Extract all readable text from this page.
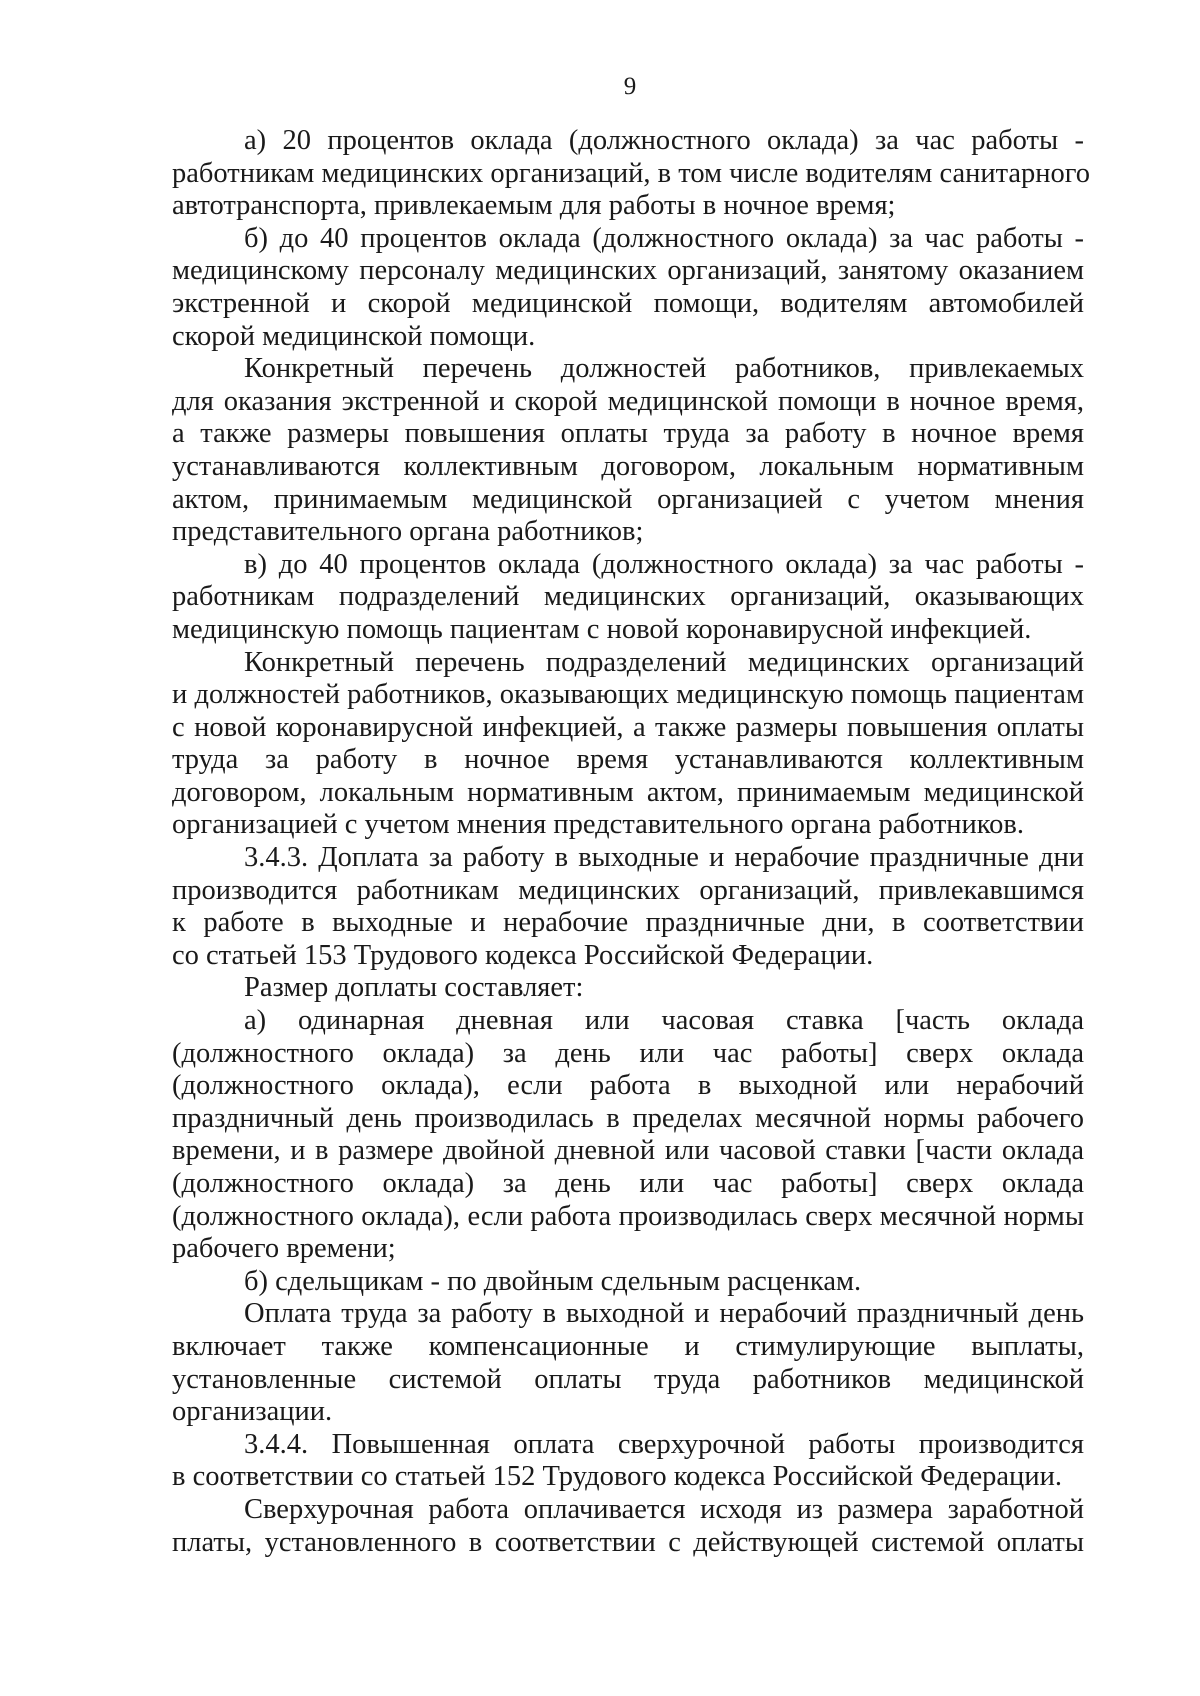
9
а) 20 процентов оклада (должностного оклада) за час работы -
работникам медицинских организаций, в том числе водителям санитарного
автотранспорта, привлекаемым для работы в ночное время;
б) до 40 процентов оклада (должностного оклада) за час работы -
медицинскому персоналу медицинских организаций, занятому оказанием
экстренной и скорой медицинской помощи, водителям автомобилей
скорой медицинской помощи.
Конкретный перечень должностей работников, привлекаемых
для оказания экстренной и скорой медицинской помощи в ночное время,
а также размеры повышения оплаты труда за работу в ночное время
устанавливаются коллективным договором, локальным нормативным
актом, принимаемым медицинской организацией с учетом мнения
представительного органа работников;
в) до 40 процентов оклада (должностного оклада) за час работы -
работникам подразделений медицинских организаций, оказывающих
медицинскую помощь пациентам с новой коронавирусной инфекцией.
Конкретный перечень подразделений медицинских организаций
и должностей работников, оказывающих медицинскую помощь пациентам
с новой коронавирусной инфекцией, а также размеры повышения оплаты
труда за работу в ночное время устанавливаются коллективным
договором, локальным нормативным актом, принимаемым медицинской
организацией с учетом мнения представительного органа работников.
3.4.3. Доплата за работу в выходные и нерабочие праздничные дни
производится работникам медицинских организаций, привлекавшимся
к работе в выходные и нерабочие праздничные дни, в соответствии
со статьей 153 Трудового кодекса Российской Федерации.
Размер доплаты составляет:
а) одинарная дневная или часовая ставка [часть оклада
(должностного оклада) за день или час работы] сверх оклада
(должностного оклада), если работа в выходной или нерабочий
праздничный день производилась в пределах месячной нормы рабочего
времени, и в размере двойной дневной или часовой ставки [части оклада
(должностного оклада) за день или час работы] сверх оклада
(должностного оклада), если работа производилась сверх месячной нормы
рабочего времени;
б) сдельщикам - по двойным сдельным расценкам.
Оплата труда за работу в выходной и нерабочий праздничный день
включает также компенсационные и стимулирующие выплаты,
установленные системой оплаты труда работников медицинской
организации.
3.4.4. Повышенная оплата сверхурочной работы производится
в соответствии со статьей 152 Трудового кодекса Российской Федерации.
Сверхурочная работа оплачивается исходя из размера заработной
платы, установленного в соответствии с действующей системой оплаты
